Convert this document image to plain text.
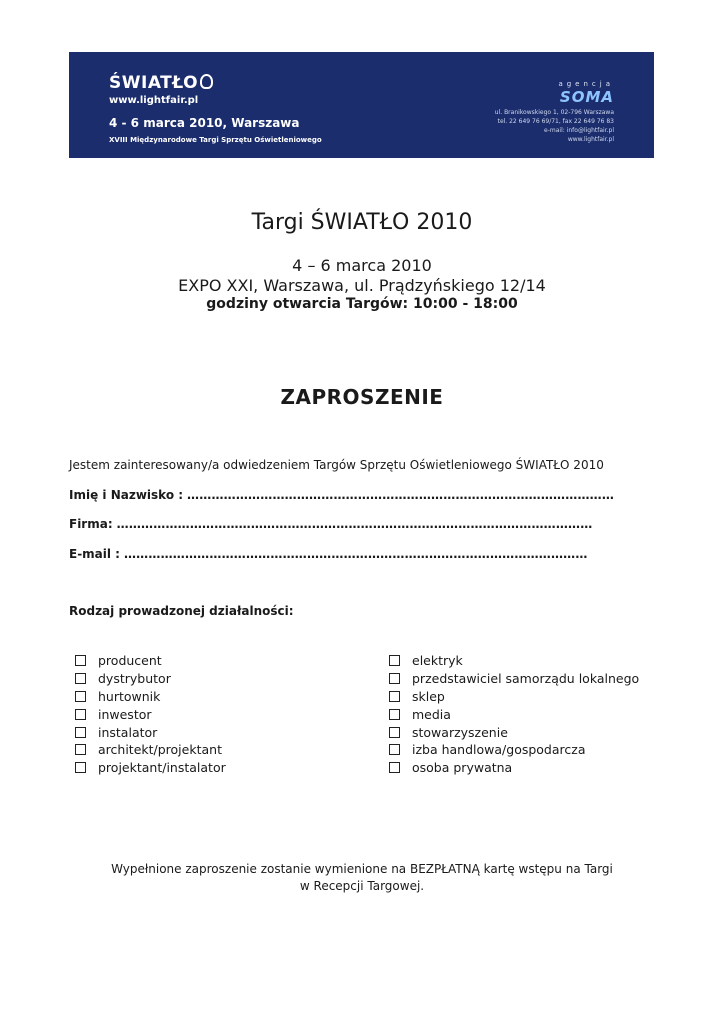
ŚWIATŁO
www.lightfair.pl
4 - 6 marca 2010, Warszawa
XVIII Międzynarodowe Targi Sprzętu Oświetleniowego
agencja
SOMA
ul. Branikowskiego 1, 02-796 Warszawa
tel. 22 649 76 69/71, fax 22 649 76 83
e-mail: info@lightfair.pl
www.lightfair.pl
Targi ŚWIATŁO 2010
4 – 6 marca 2010
EXPO XXI, Warszawa, ul. Prądzyńskiego 12/14
godziny otwarcia Targów: 10:00 - 18:00
ZAPROSZENIE
Jestem zainteresowany/a odwiedzeniem Targów Sprzętu Oświetleniowego ŚWIATŁO 2010
Imię i Nazwisko : ……………………………………………………………………………………………
Firma: ………………………………………………………………………………………………………
E-mail : ……………………………………………………………………………………………………
Rodzaj prowadzonej działalności:
producent
dystrybutor
hurtownik
inwestor
instalator
architekt/projektant
projektant/instalator
elektryk
przedstawiciel samorządu lokalnego
sklep
media
stowarzyszenie
izba handlowa/gospodarcza
osoba prywatna
Wypełnione zaproszenie zostanie wymienione na BEZPŁATNĄ kartę wstępu na Targi
w Recepcji Targowej.
